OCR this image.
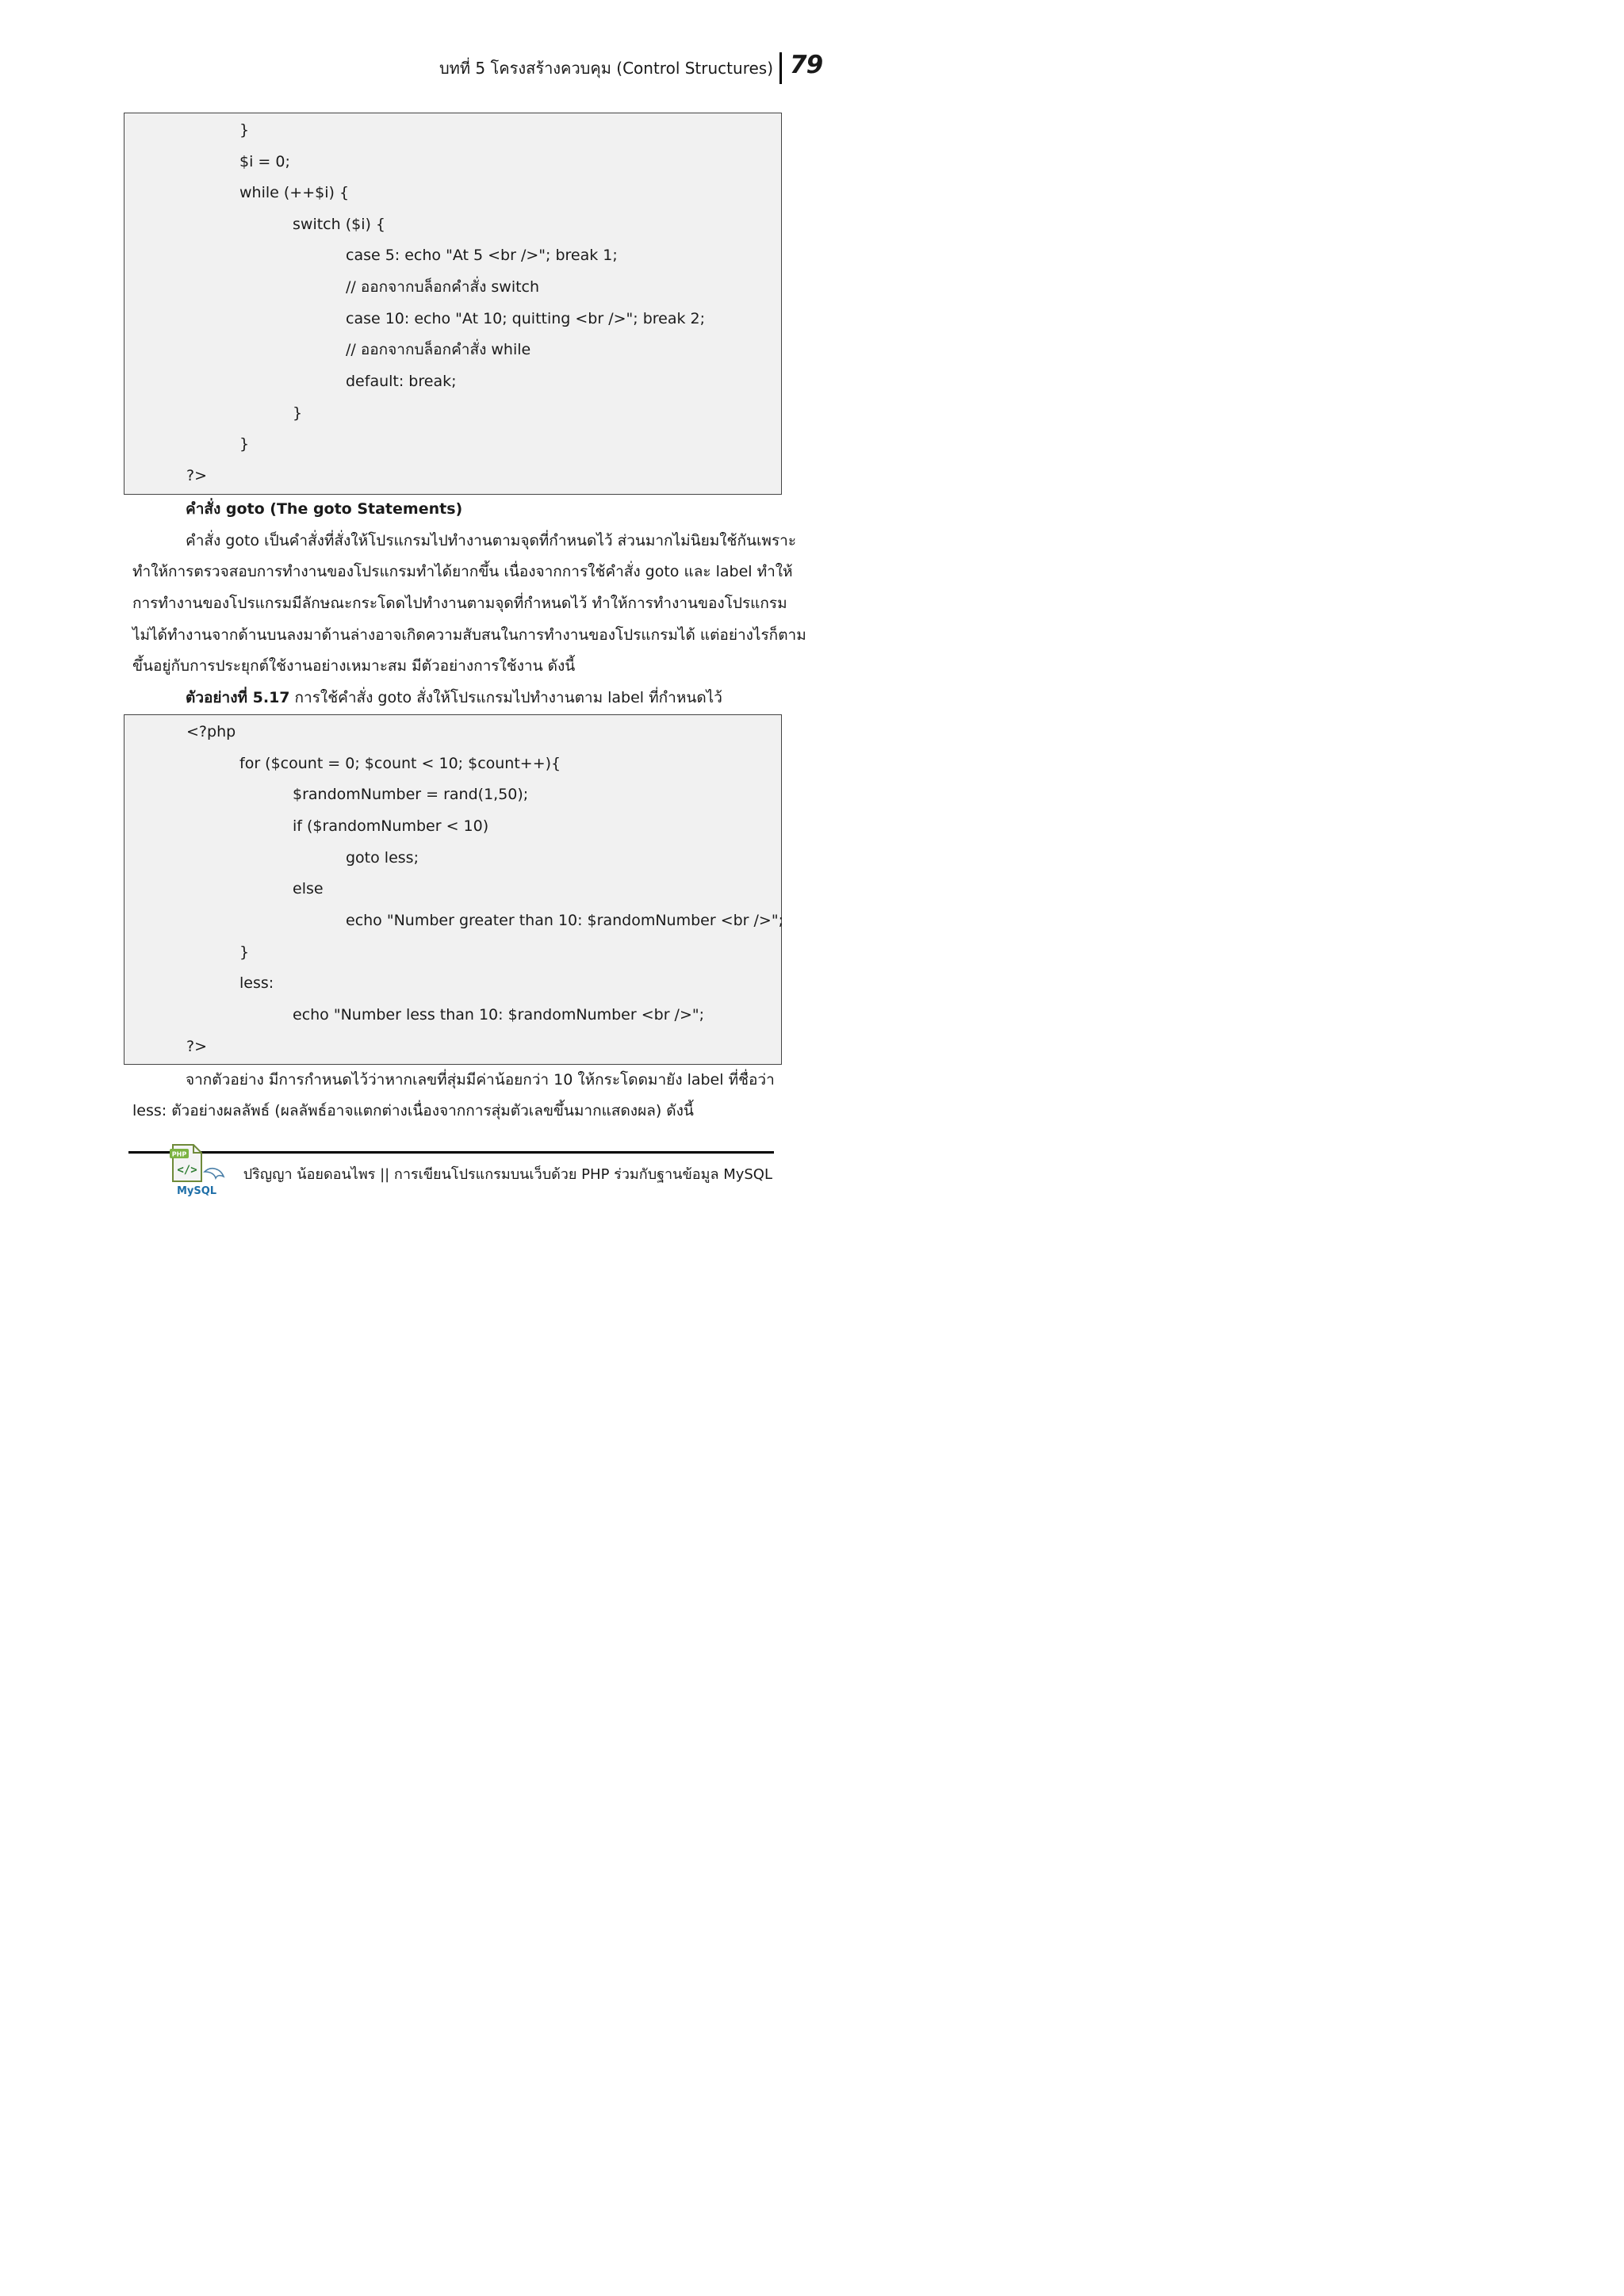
บทที่ 5 โครงสร้างควบคุม (Control Structures) 79
}
$i = 0;
while (++$i) {
switch ($i) {
case 5: echo "At 5 <br />"; break 1;
// ออกจากบล็อกคำสั่ง switch
case 10: echo "At 10; quitting <br />"; break 2;
// ออกจากบล็อกคำสั่ง while
default: break;
}
}
?>
คำสั่ง goto (The goto Statements)
คำสั่ง goto เป็นคำสั่งที่สั่งให้โปรแกรมไปทำงานตามจุดที่กำหนดไว้ ส่วนมากไม่นิยมใช้กันเพราะ
ทำให้การตรวจสอบการทำงานของโปรแกรมทำได้ยากขึ้น เนื่องจากการใช้คำสั่ง goto และ label ทำให้
การทำงานของโปรแกรมมีลักษณะกระโดดไปทำงานตามจุดที่กำหนดไว้ ทำให้การทำงานของโปรแกรม
ไม่ได้ทำงานจากด้านบนลงมาด้านล่างอาจเกิดความสับสนในการทำงานของโปรแกรมได้ แต่อย่างไรก็ตาม
ขึ้นอยู่กับการประยุกต์ใช้งานอย่างเหมาะสม มีตัวอย่างการใช้งาน ดังนี้
ตัวอย่างที่ 5.17 การใช้คำสั่ง goto สั่งให้โปรแกรมไปทำงานตาม label ที่กำหนดไว้
<?php
for ($count = 0; $count < 10; $count++){
$randomNumber = rand(1,50);
if ($randomNumber < 10)
goto less;
else
echo "Number greater than 10: $randomNumber <br />";
}
less:
echo "Number less than 10: $randomNumber <br />";
?>
จากตัวอย่าง มีการกำหนดไว้ว่าหากเลขที่สุ่มมีค่าน้อยกว่า 10 ให้กระโดดมายัง label ที่ชื่อว่า
less: ตัวอย่างผลลัพธ์ (ผลลัพธ์อาจแตกต่างเนื่องจากการสุ่มตัวเลขขึ้นมากแสดงผล) ดังนี้
PHP
</>
MySQL
ปริญญา น้อยดอนไพร || การเขียนโปรแกรมบนเว็บด้วย PHP ร่วมกับฐานข้อมูล MySQL
